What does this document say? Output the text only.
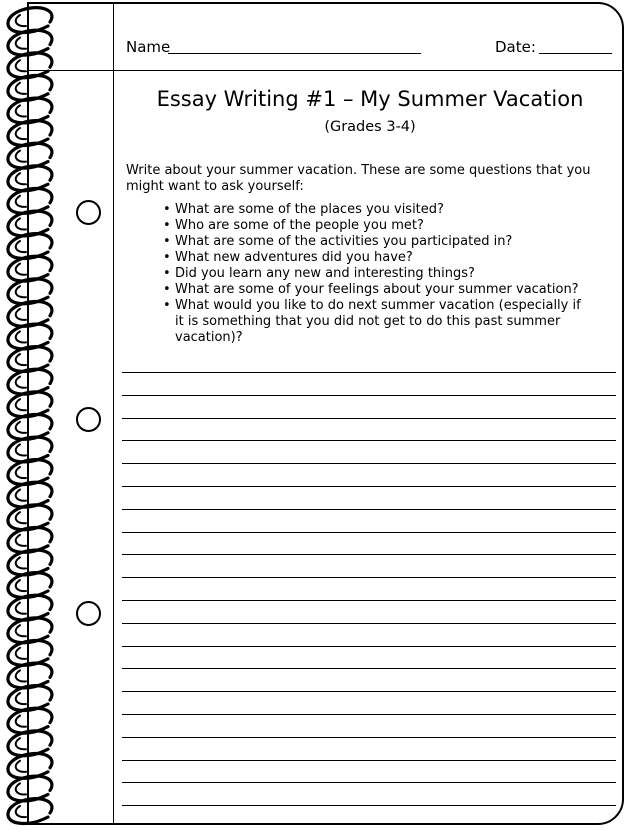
Name	Date:
Essay Writing #1 – My Summer Vacation
(Grades 3-4)
Write about your summer vacation. These are some questions that you might want to ask yourself:
• What are some of the places you visited?
• Who are some of the people you met?
• What are some of the activities you participated in?
• What new adventures did you have?
• Did you learn any new and interesting things?
• What are some of your feelings about your summer vacation?
• What would you like to do next summer vacation (especially if it is something that you did not get to do this past summer vacation)?
